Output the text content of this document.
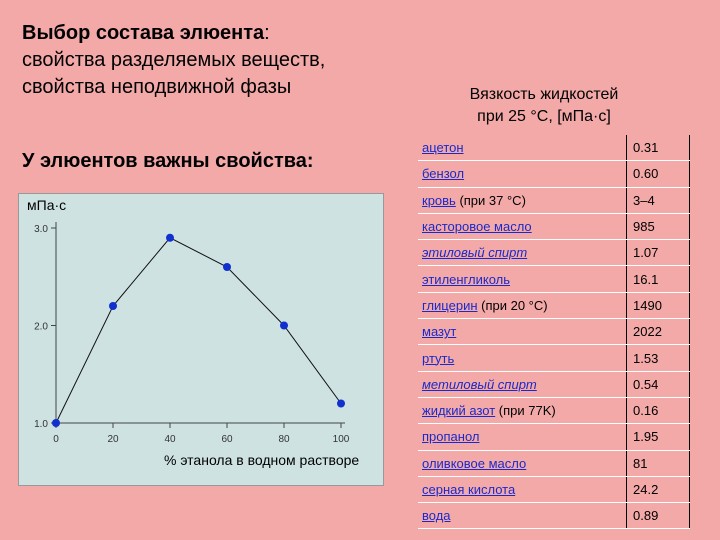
Выбор состава элюента:
свойства разделяемых веществ,
свойства неподвижной фазы	Вязкость жидкостей
при 25 °С, [мПа·с]
У элюентов важны свойства:
мПа·с
1.0
2.0
3.0
0	20	40	60	80	100
% этанола в водном растворе
ацетон	0.31
бензол	0.60
кровь (при 37 °С)	3–4
касторовое масло	985
этиловый спирт	1.07
этиленгликоль	16.1
глицерин (при 20 °С)	1490
мазут	2022
ртуть	1.53
метиловый спирт	0.54
жидкий азот (при 77K)	0.16
пропанол	1.95
оливковое масло	81
серная кислота	24.2
вода	0.89
